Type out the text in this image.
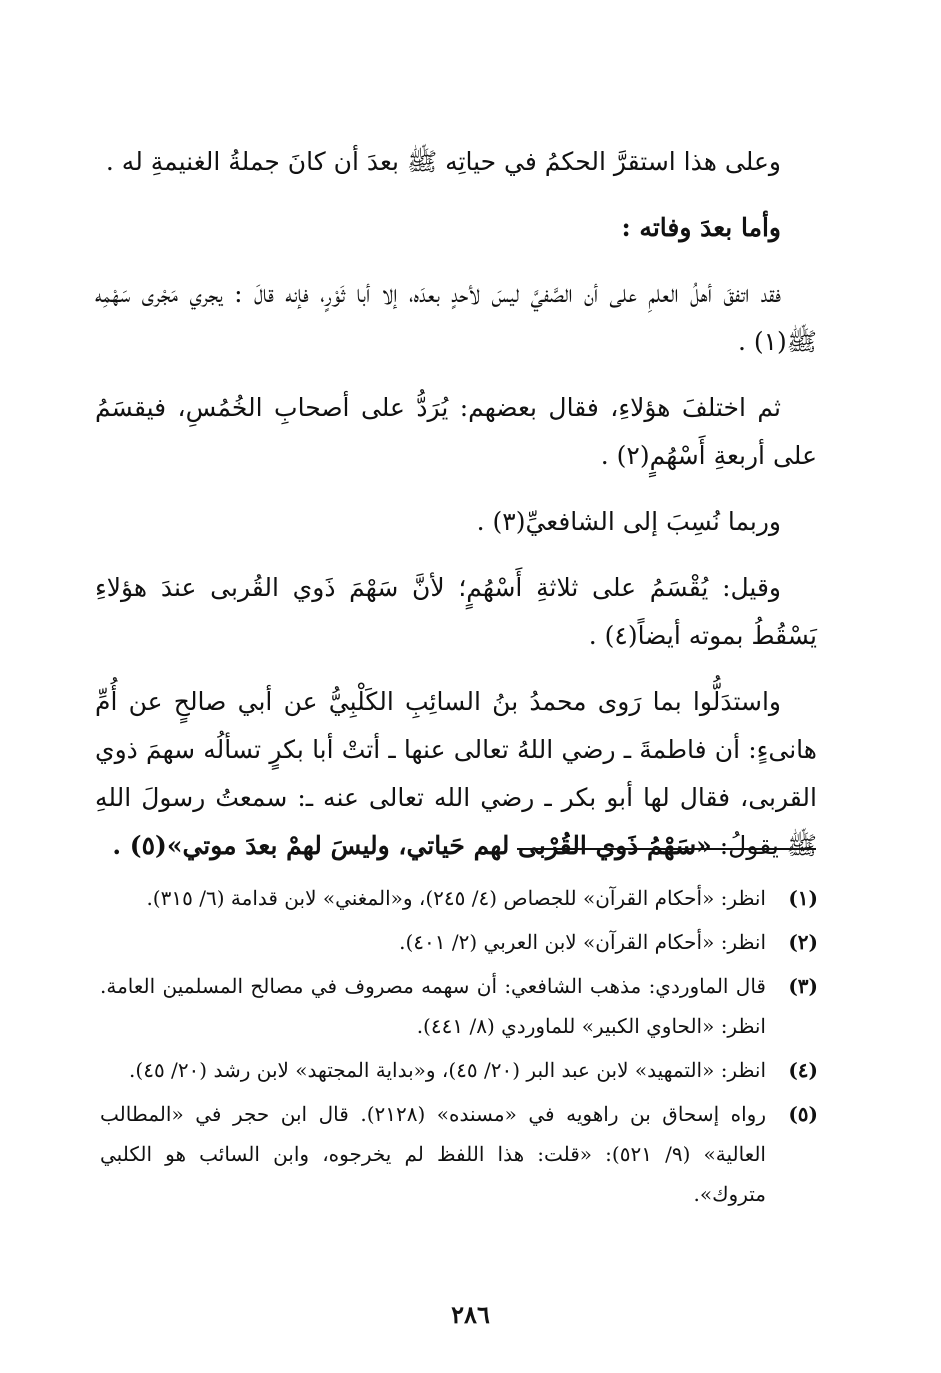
وعلى هذا استقرَّ الحكمُ في حياتِه ﷺ بعدَ أن كانَ جملةُ الغنيمةِ له .

وأما بعدَ وفاته :

فقد اتفقَ أهلُ العلمِ على أن الصَّفيَّ ليسَ لأحدٍ بعدَه، إلا أبا ثَوْرٍ، فإنه قالَ : يجري مَجْرى سَهْمِه ﷺ(١) .

ثم اختلفَ هؤلاءِ، فقال بعضهم: يُرَدُّ على أصحابِ الخُمُسِ، فيقسَمُ على أربعةِ أَسْهُمٍ(٢) .

وربما نُسِبَ إلى الشافعيِّ(٣) .

وقيل: يُقْسَمُ على ثلاثةِ أَسْهُمٍ؛ لأنَّ سَهْمَ ذَوي القُربى عندَ هؤلاءِ يَسْقُطُ بموته أيضاً(٤) .

واستدَلُّوا بما رَوى محمدُ بنُ السائِبِ الكَلْبِيُّ عن أبي صالحٍ عن أُمِّ هانىءٍ: أن فاطمةَ ـ رضي اللهُ تعالى عنها ـ أتتْ أبا بكرٍ تسألُه سهمَ ذوي القربى، فقال لها أبو بكر ـ رضي الله تعالى عنه ـ: سمعتُ رسولَ اللهِ ﷺ يقولُ: «سَهْمُ ذَوي القُرْبى لهم حَياتي، وليسَ لهمْ بعدَ موتي»(٥) .

(١)
انظر: «أحكام القرآن» للجصاص (٤/ ٢٤٥)، و«المغني» لابن قدامة (٦/ ٣١٥).
(٢)
انظر: «أحكام القرآن» لابن العربي (٢/ ٤٠١).
(٣)
قال الماوردي: مذهب الشافعي: أن سهمه مصروف في مصالح المسلمين العامة. انظر: «الحاوي الكبير» للماوردي (٨/ ٤٤١).
(٤)
انظر: «التمهيد» لابن عبد البر (٢٠/ ٤٥)، و«بداية المجتهد» لابن رشد (٢٠/ ٤٥).
(٥)
رواه إسحاق بن راهويه في «مسنده» (٢١٢٨). قال ابن حجر في «المطالب العالية» (٩/ ٥٢١): «قلت: هذا اللفظ لم يخرجوه، وابن السائب هو الكلبي متروك».
٢٨٦
